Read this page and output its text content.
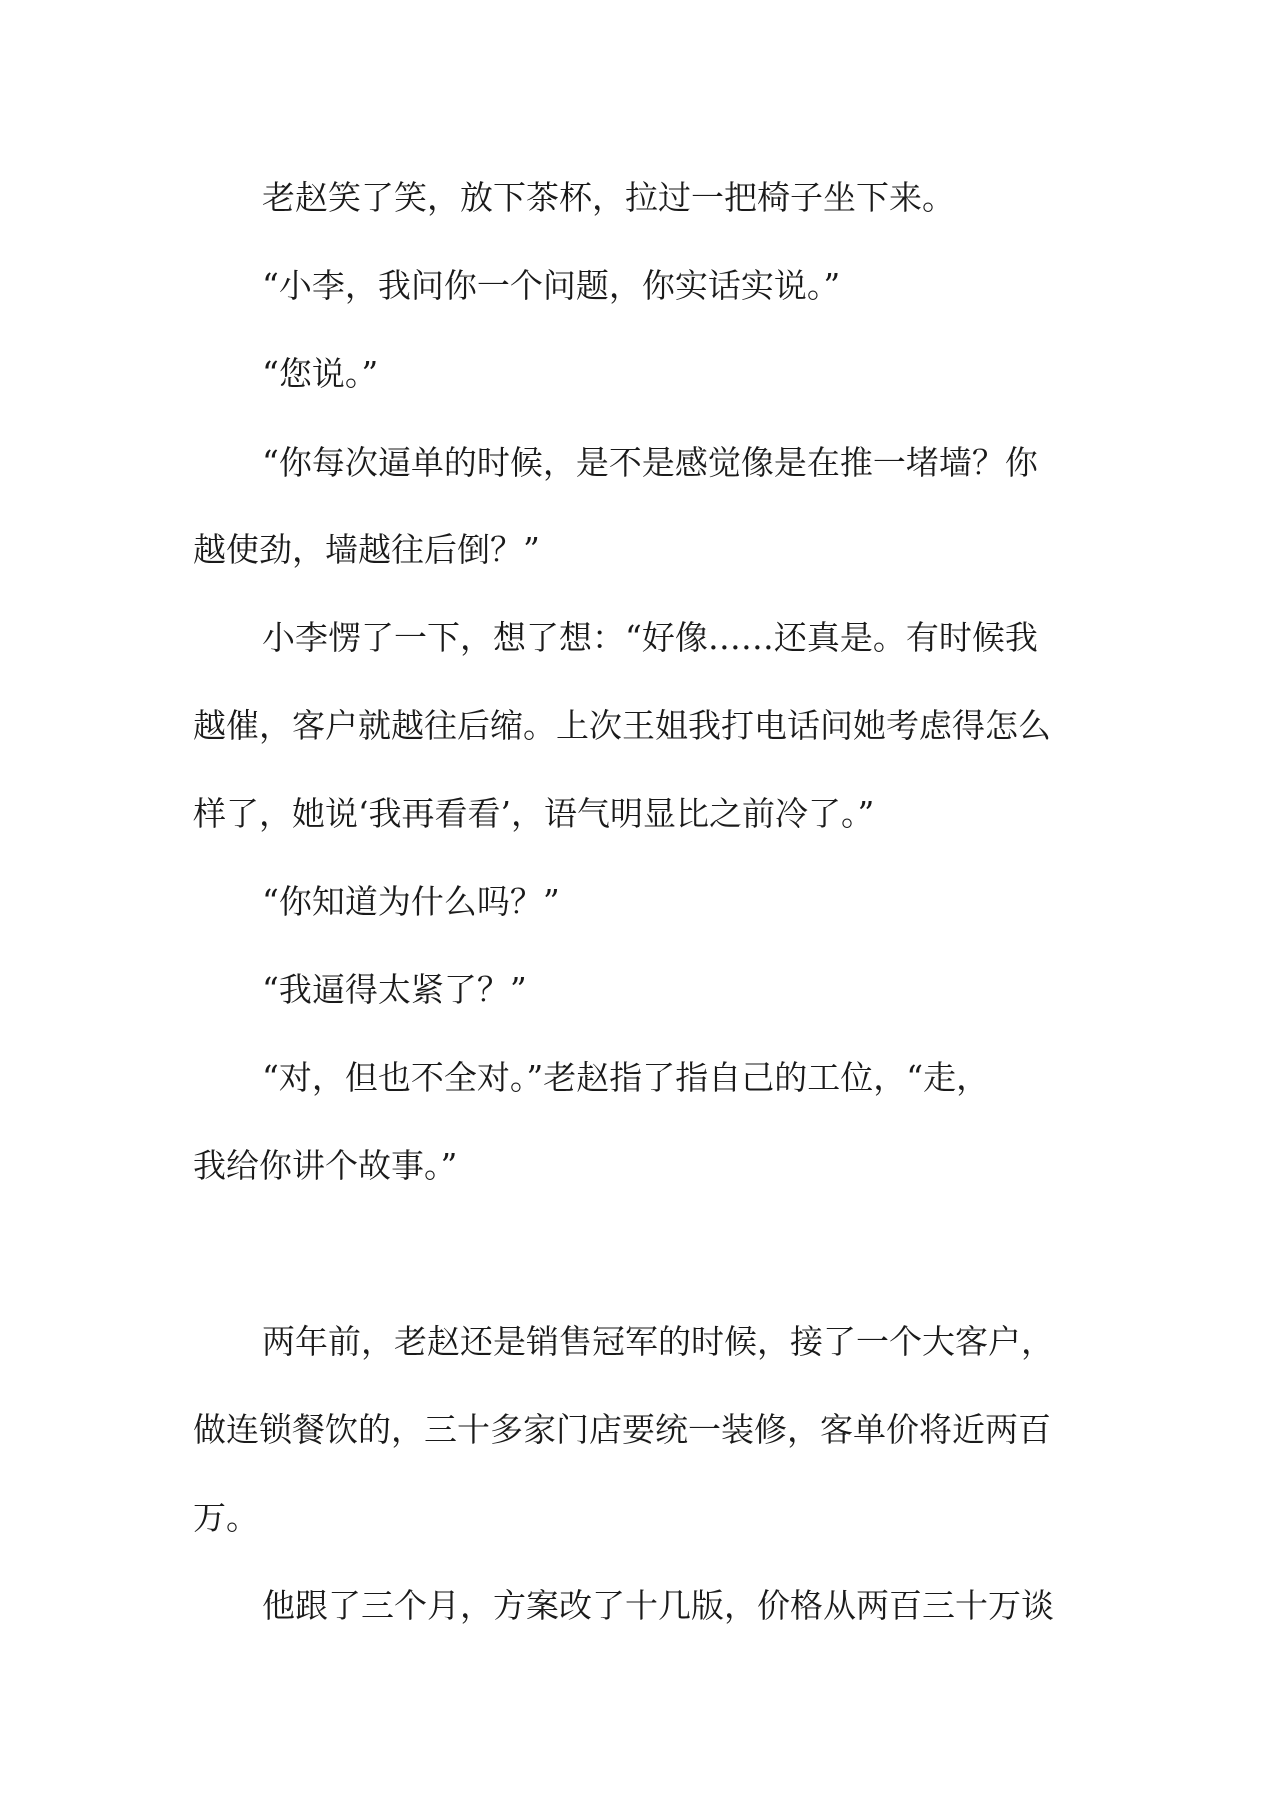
老赵笑了笑，放下茶杯，拉过一把椅子坐下来。
“小李，我问你一个问题，你实话实说。”
“您说。”
“你每次逼单的时候，是不是感觉像是在推一堵墙？你
越使劲，墙越往后倒？”
小李愣了一下，想了想：“好像……还真是。有时候我
越催，客户就越往后缩。上次王姐我打电话问她考虑得怎么
样了，她说‘我再看看’，语气明显比之前冷了。”
“你知道为什么吗？”
“我逼得太紧了？”
“对，但也不全对。”老赵指了指自己的工位，“走，
我给你讲个故事。”
两年前，老赵还是销售冠军的时候，接了一个大客户，
做连锁餐饮的，三十多家门店要统一装修，客单价将近两百
万。
他跟了三个月，方案改了十几版，价格从两百三十万谈
